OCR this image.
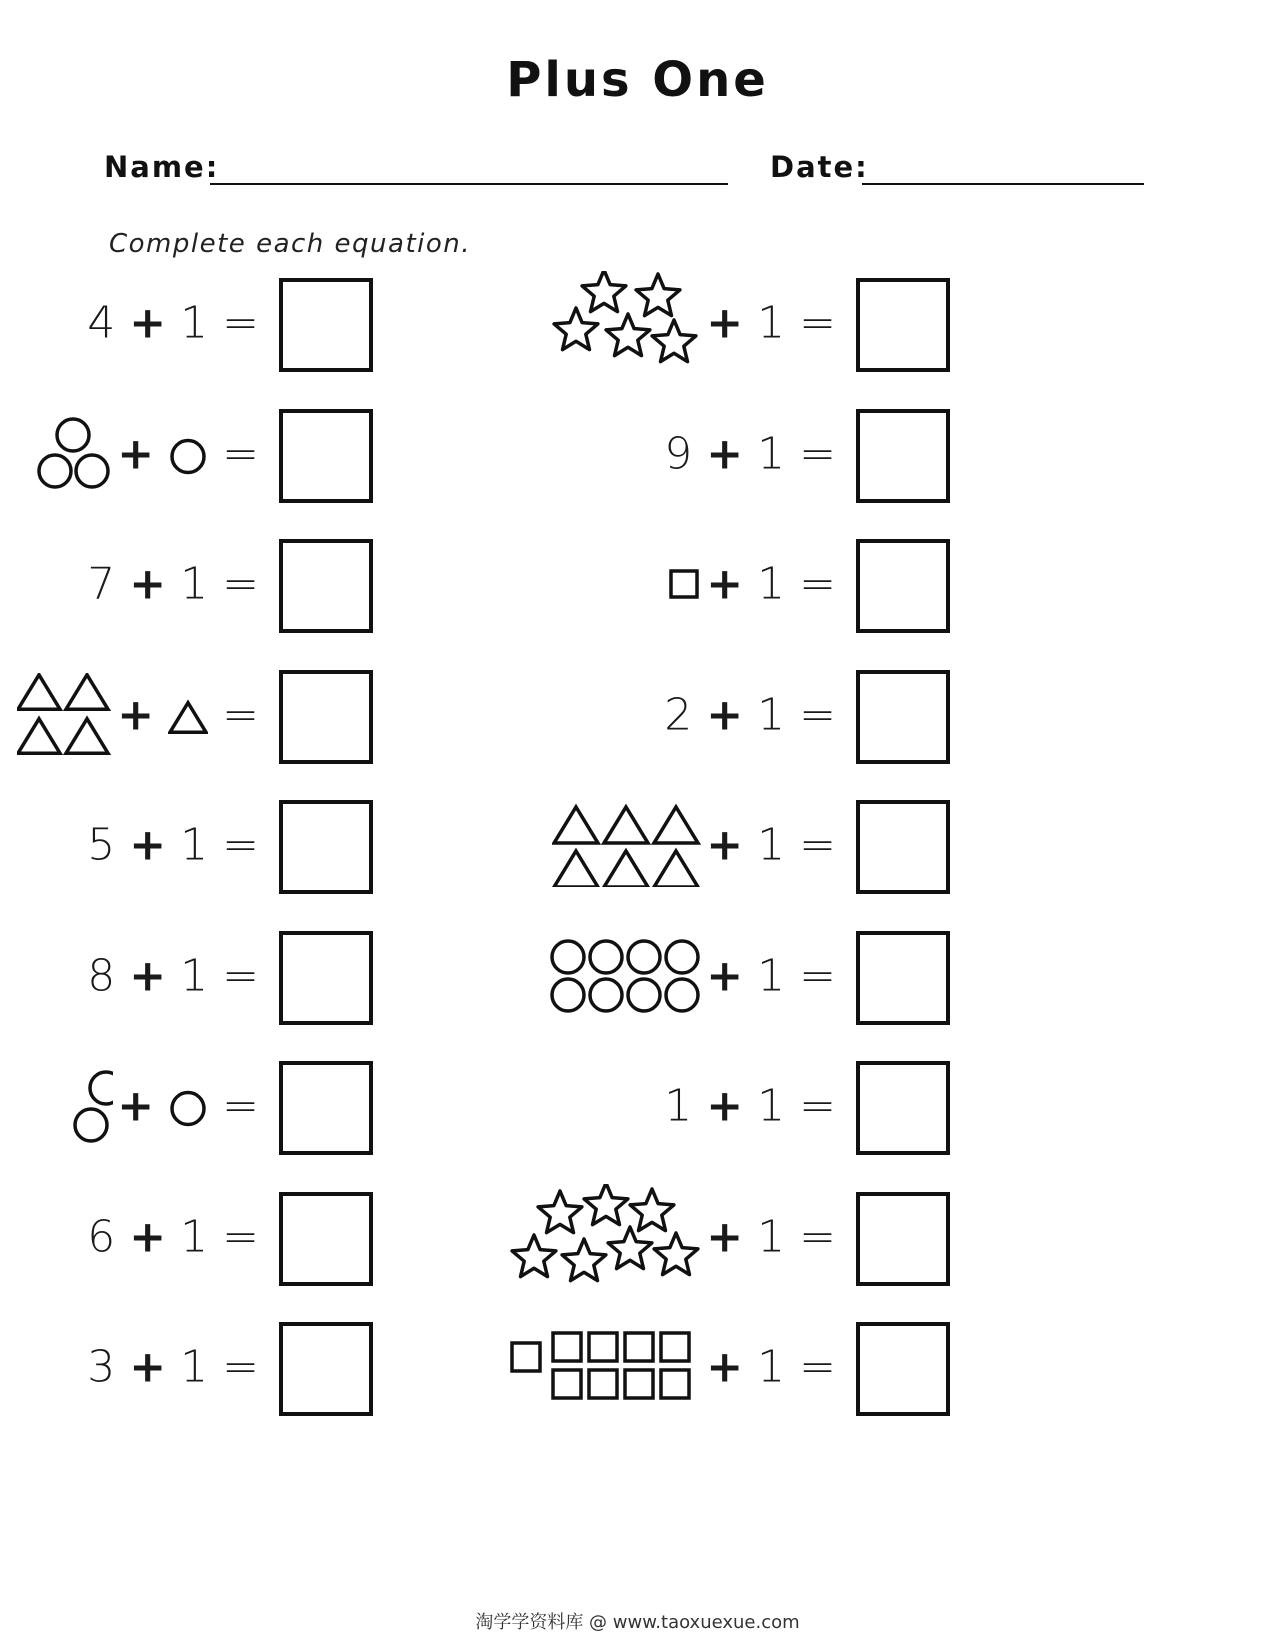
Plus One
Name:	Date:

Complete each equation.

4 + 1 =
+ =
7 + 1 =
+ =
5 + 1 =
8 + 1 =
+ =
6 + 1 =
3 + 1 =
+ 1 =
9 + 1 =
+ 1 =
2 + 1 =
+ 1 =
+ 1 =
1 + 1 =
+ 1 =
+ 1 =
淘学学资料库 @ www.taoxuexue.com
